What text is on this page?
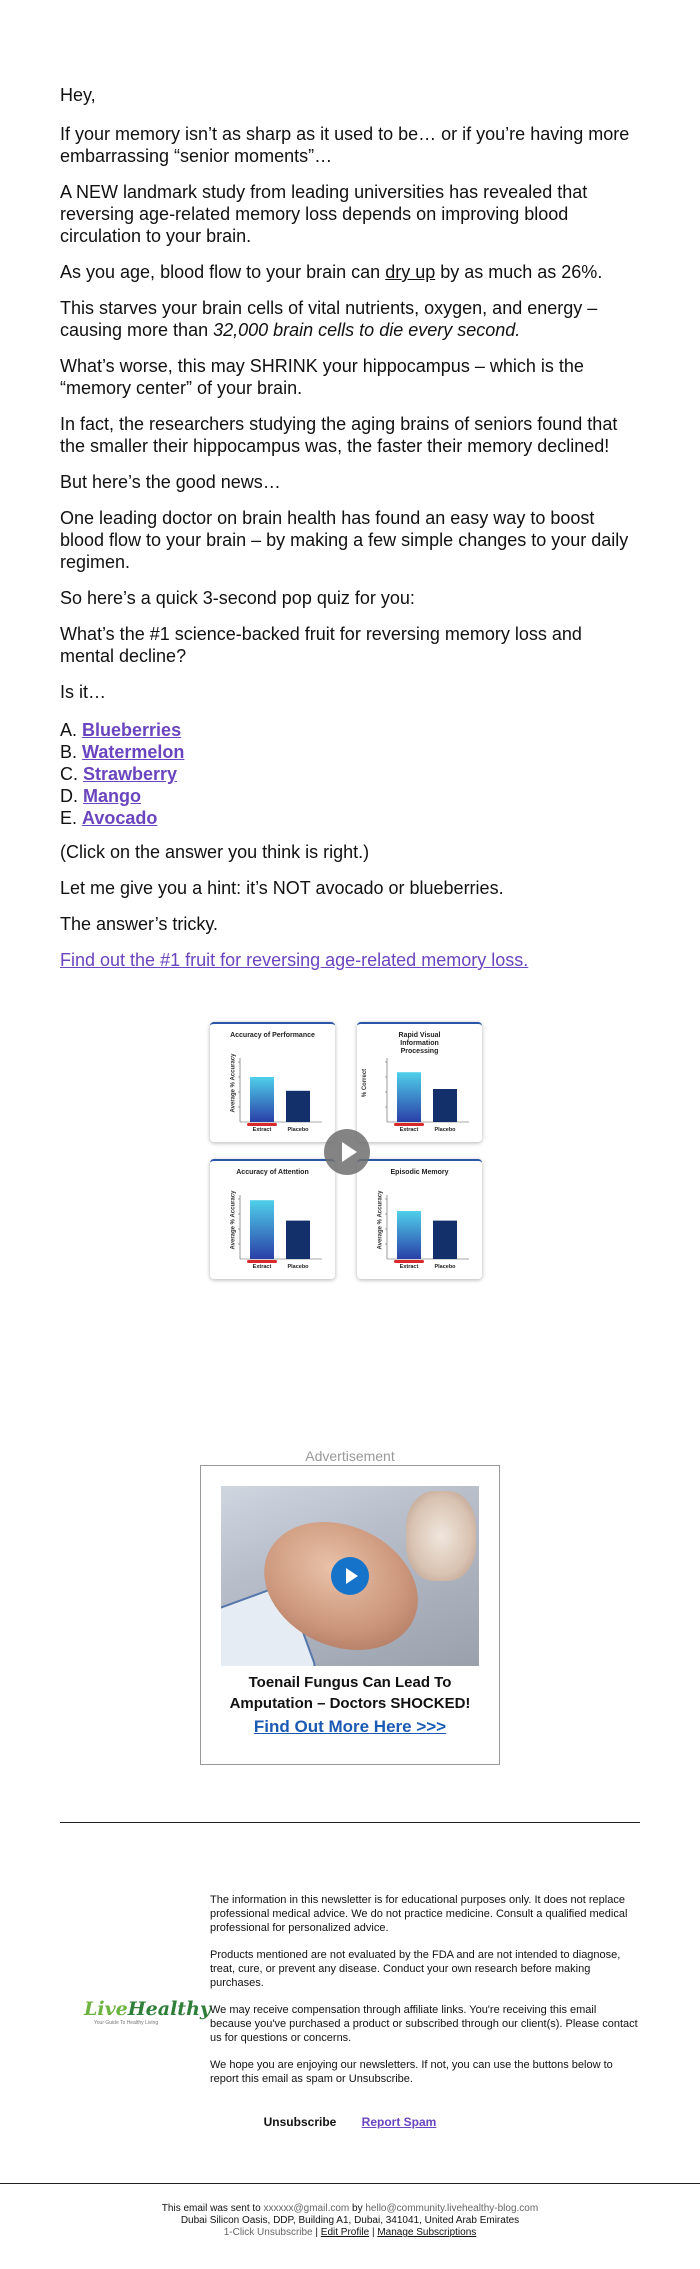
Hey,

If your memory isn’t as sharp as it used to be… or if you’re having more embarrassing “senior moments”…

A NEW landmark study from leading universities has revealed that reversing age-related memory loss depends on improving blood circulation to your brain.

As you age, blood flow to your brain can dry up by as much as 26%.

This starves your brain cells of vital nutrients, oxygen, and energy – causing more than 32,000 brain cells to die every second.

What’s worse, this may SHRINK your hippocampus – which is the “memory center” of your brain.

In fact, the researchers studying the aging brains of seniors found that the smaller their hippocampus was, the faster their memory declined!

But here’s the good news…

One leading doctor on brain health has found an easy way to boost blood flow to your brain – by making a few simple changes to your daily regimen.

So here’s a quick 3-second pop quiz for you:

What’s the #1 science-backed fruit for reversing memory loss and mental decline?

Is it…

A. Blueberries
B. Watermelon
C. Strawberry
D. Mango
E. Avocado

(Click on the answer you think is right.)

Let me give you a hint: it’s NOT avocado or blueberries.

The answer’s tricky.

Find out the #1 fruit for reversing age-related memory loss.

Extract	Placebo
Accuracy of Performance
Average % Accuracy
Extract	Placebo
Rapid Visual Information Processing
% Correct
Extract	Placebo
Accuracy of Attention
Average % Accuracy
Extract	Placebo
Episodic Memory
Average % Accuracy
Advertisement
Toenail Fungus Can Lead To Amputation – Doctors SHOCKED!
Find Out More Here >>>
LiveHealthy
Your Guide To Healthy Living

The information in this newsletter is for educational purposes only. It does not replace professional medical advice. We do not practice medicine. Consult a qualified medical professional for personalized advice.

Products mentioned are not evaluated by the FDA and are not intended to diagnose, treat, cure, or prevent any disease. Conduct your own research before making purchases.

We may receive compensation through affiliate links. You're receiving this email because you've purchased a product or subscribed through our client(s). Please contact us for questions or concerns.

We hope you are enjoying our newsletters. If not, you can use the buttons below to report this email as spam or Unsubscribe.

Unsubscribe Report Spam
This email was sent to xxxxxx@gmail.com by hello@community.livehealthy-blog.com
Dubai Silicon Oasis, DDP, Building A1, Dubai, 341041, United Arab Emirates
1-Click Unsubscribe | Edit Profile | Manage Subscriptions
